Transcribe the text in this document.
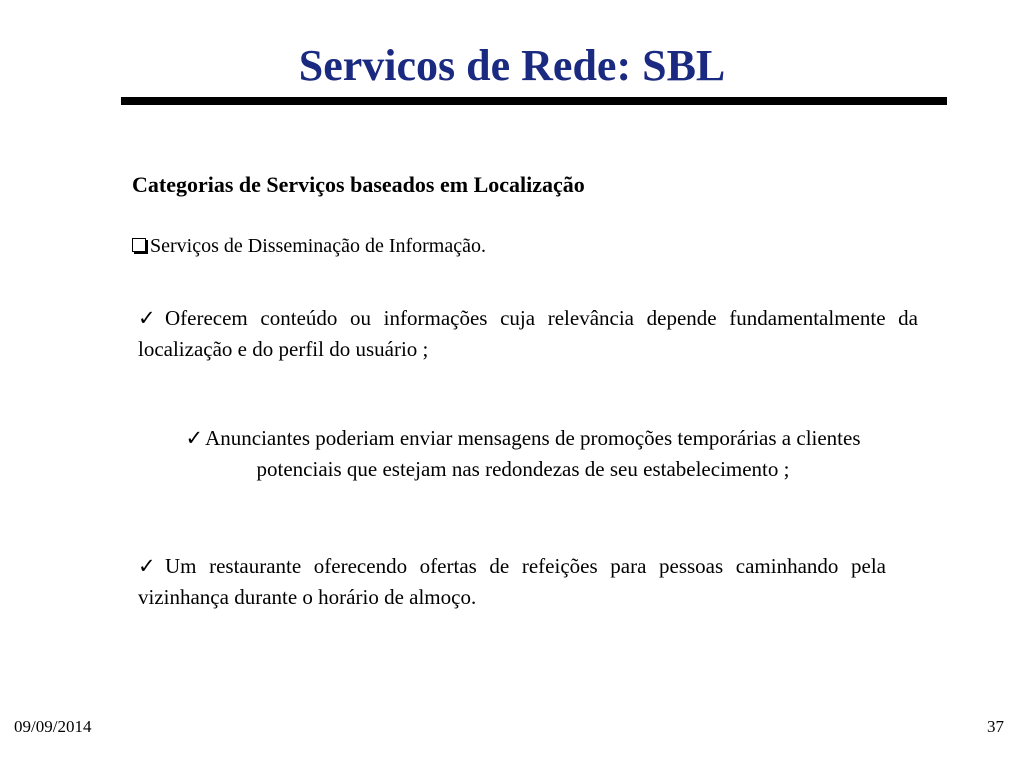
Servicos de Rede: SBL
Categorias de Serviços baseados em Localização
Serviços de Disseminação de Informação.
✓Oferecem conteúdo ou informações cuja relevância depende fundamentalmente da localização e do perfil do usuário ;
✓Anunciantes poderiam enviar mensagens de promoções temporárias a clientes potenciais que estejam nas redondezas de seu estabelecimento ;
✓Um restaurante oferecendo ofertas de refeições para pessoas caminhando pela vizinhança durante o horário de almoço.
09/09/2014	37
